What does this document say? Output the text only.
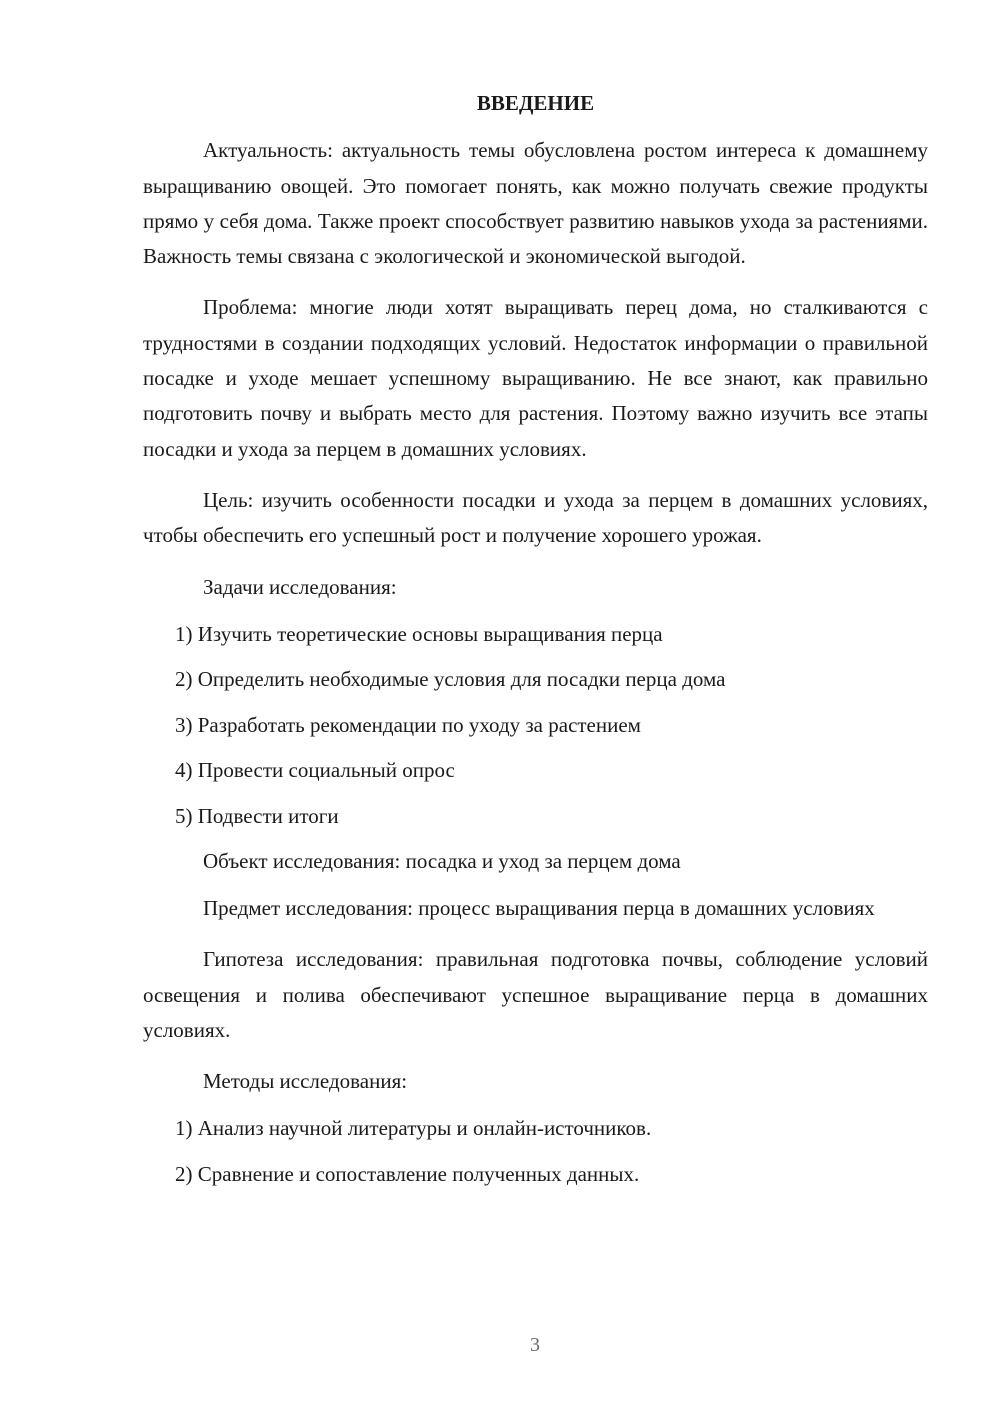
ВВЕДЕНИЕ

Актуальность: актуальность темы обусловлена ростом интереса к домашнему выращиванию овощей. Это помогает понять, как можно получать свежие продукты прямо у себя дома. Также проект способствует развитию навыков ухода за растениями. Важность темы связана с экологической и экономической выгодой.

Проблема: многие люди хотят выращивать перец дома, но сталкиваются с трудностями в создании подходящих условий. Недостаток информации о правильной посадке и уходе мешает успешному выращиванию. Не все знают, как правильно подготовить почву и выбрать место для растения. Поэтому важно изучить все этапы посадки и ухода за перцем в домашних условиях.

Цель: изучить особенности посадки и ухода за перцем в домашних условиях, чтобы обеспечить его успешный рост и получение хорошего урожая.

Задачи исследования:
1) Изучить теоретические основы выращивания перца
2) Определить необходимые условия для посадки перца дома
3) Разработать рекомендации по уходу за растением
4) Провести социальный опрос
5) Подвести итоги
Объект исследования: посадка и уход за перцем дома

Предмет исследования: процесс выращивания перца в домашних условиях

Гипотеза исследования: правильная подготовка почвы, соблюдение условий освещения и полива обеспечивают успешное выращивание перца в домашних условиях.

Методы исследования:
1) Анализ научной литературы и онлайн-источников.
2) Сравнение и сопоставление полученных данных.
3
